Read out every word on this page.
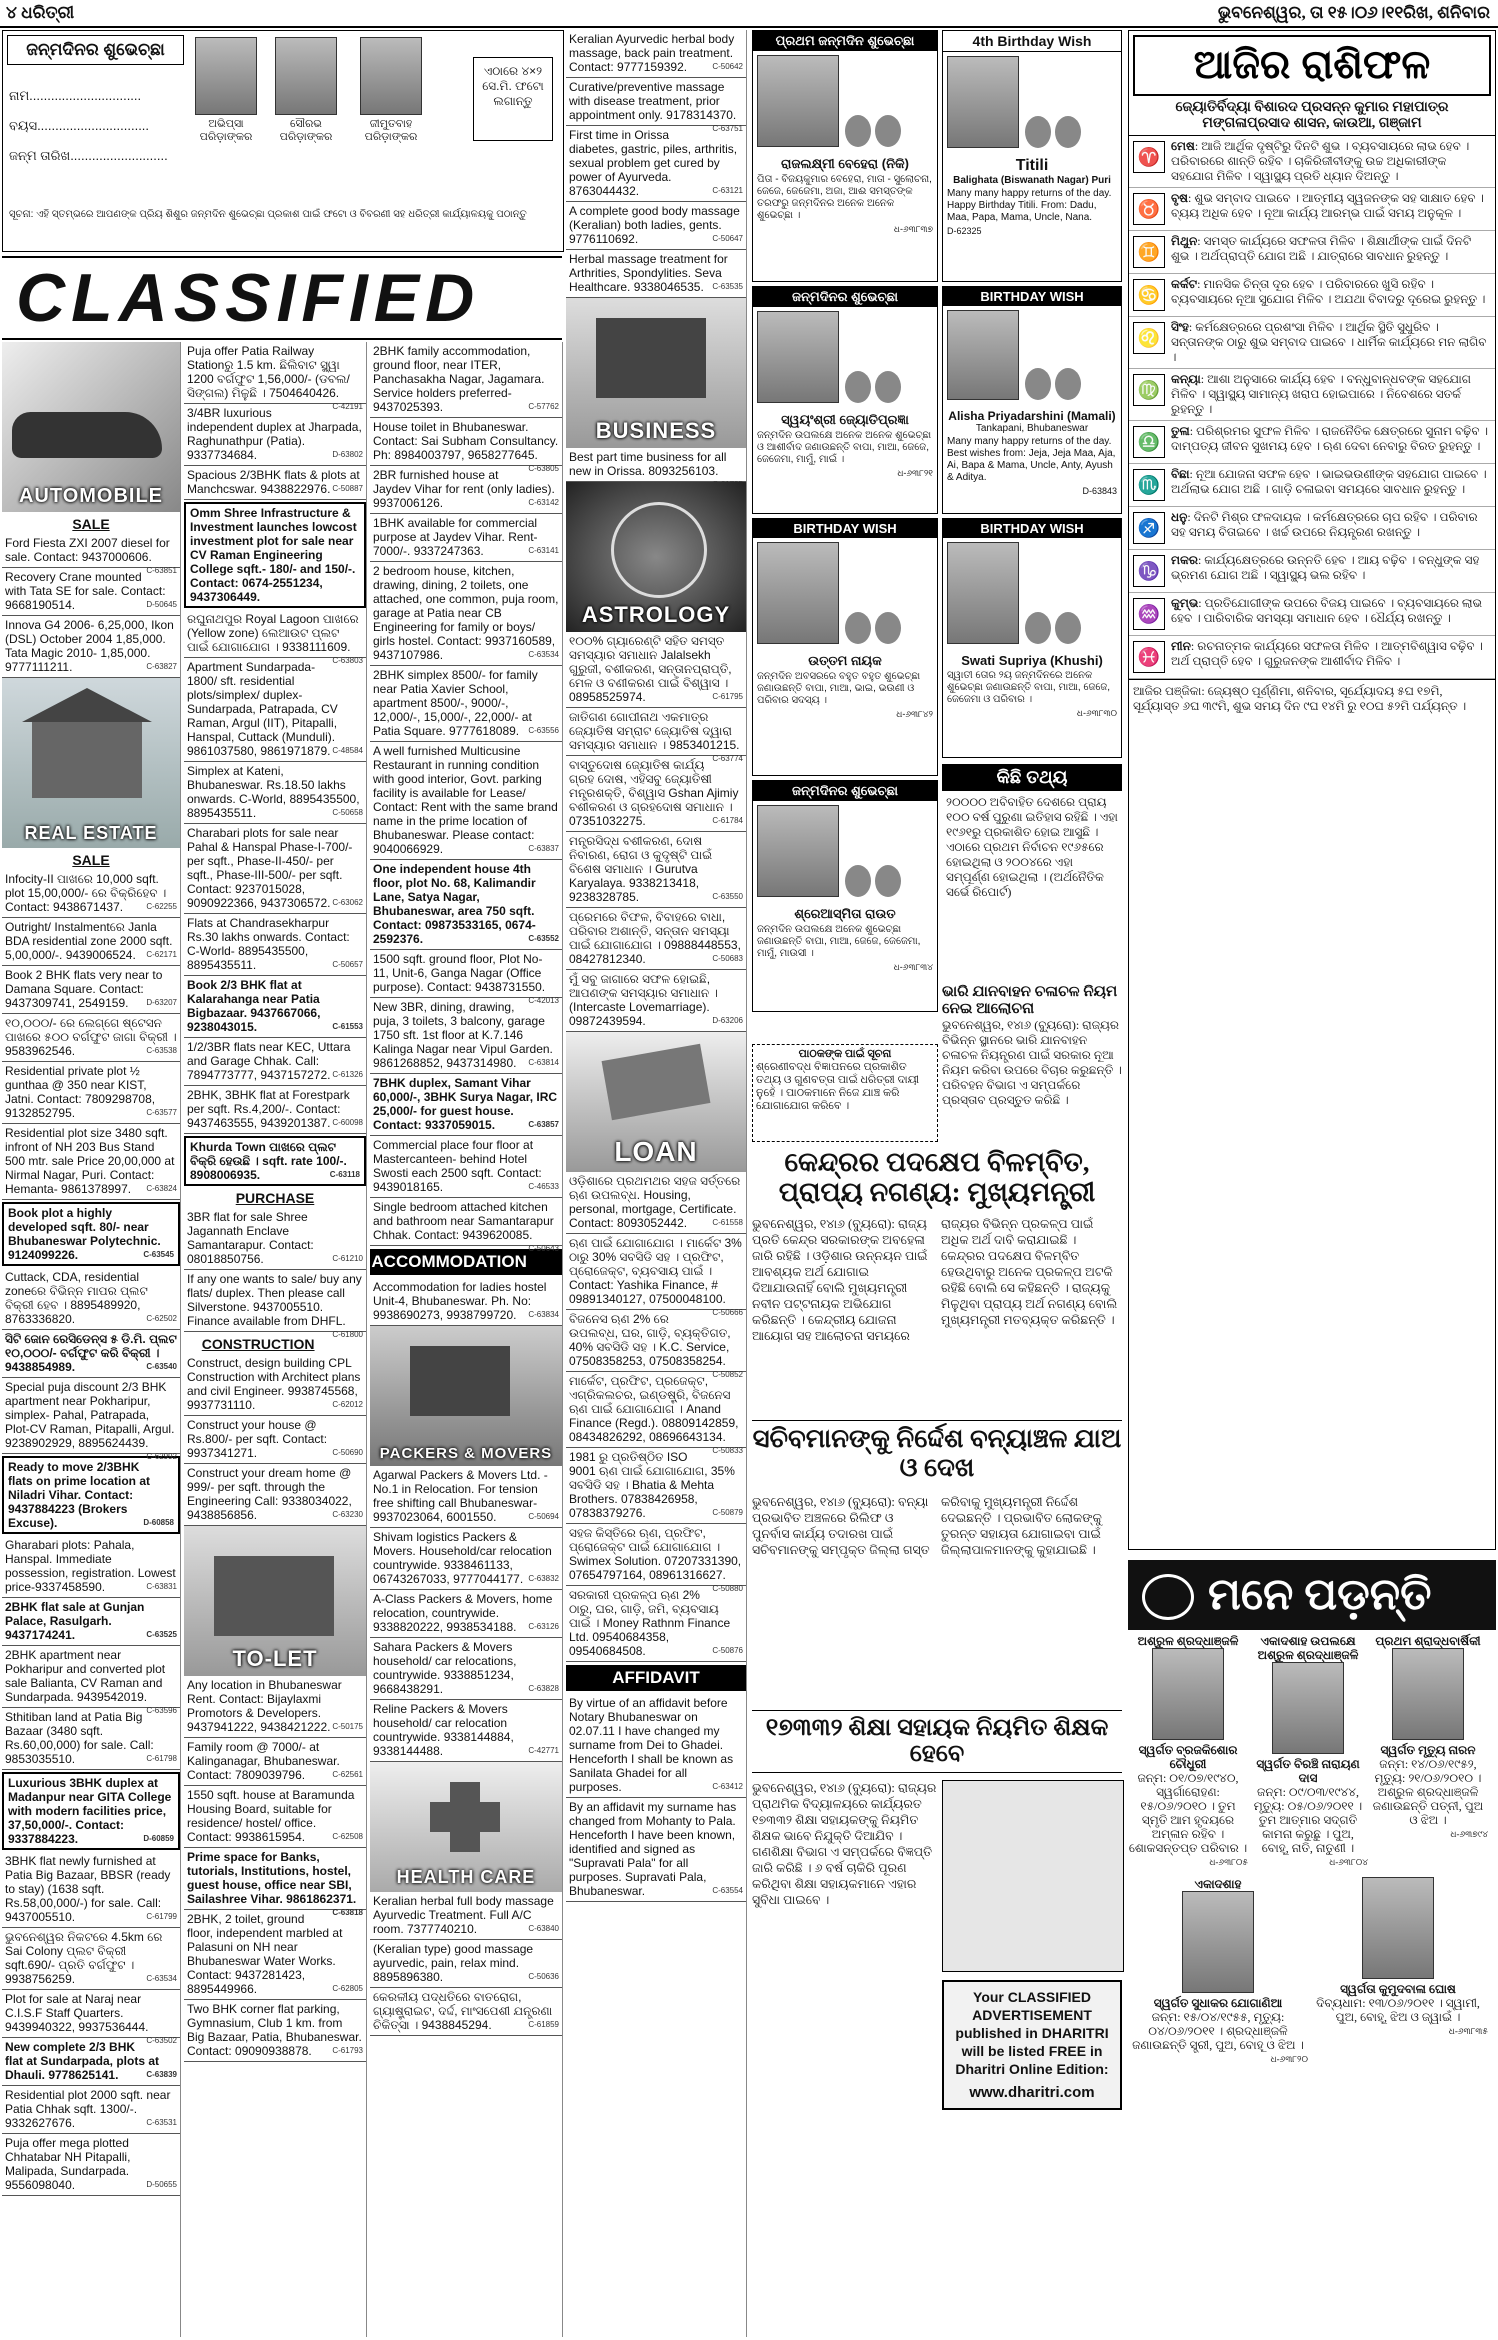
୪ ଧରିତ୍ରୀ	ଭୁବନେଶ୍ୱର, ତା ୧୫।୦୬।୧୧ରିଖ, ଶନିବାର
ଜନ୍ମଦିନର ଶୁଭେଚ୍ଛା
ନାମ...............................
ବୟସ...............................
ଜନ୍ମ ତାରିଖ...........................
ଅଭିପ୍ସା ପରିଡ଼ାଙ୍କର
ସୌରଭ ପରିଡ଼ାଙ୍କର
ଜୀମୁତବାହ ପରିଡ଼ାଙ୍କର
ଏଠାରେ ୪×୨ ସେ.ମି. ଫଟୋ ଲଗାନ୍ତୁ
ସୂଚନା: ଏହି ସ୍ତମ୍ଭରେ ଆପଣଙ୍କ ପ୍ରିୟ ଶିଶୁର ଜନ୍ମଦିନ ଶୁଭେଚ୍ଛା ପ୍ରକାଶ ପାଇଁ ଫଟୋ ଓ ବିବରଣୀ ସହ ଧରିତ୍ରୀ କାର୍ଯ୍ୟାଳୟକୁ ପଠାନ୍ତୁ
CLASSIFIED
AUTOMOBILE
SALE
Ford Fiesta ZXI 2007 diesel for sale. Contact: 9437000606.
C-63851
Recovery Crane mounted with Tata SE for sale. Contact: 9668190514.	D-50645
Innova G4 2006- 6,25,000, Ikon (DSL) October 2004 1,85,000. Tata Magic 2010- 1,85,000. 9777111211.	C-63827
REAL ESTATE
SALE
Infocity-II ପାଖରେ 10,000 sqft. plot 15,00,000/- ରେ ବିକ୍ରିହେବ । Contact: 9438671437.	C-62255
Outright/ Instalmentରେ Janla BDA residential zone 2000 sqft. 5,00,000/-. 9439006524. C-62171
Book 2 BHK flats very near to Damana Square. Contact: 9437309741, 2549159. D-63207
୧୦,୦୦୦/- ରେ ଲେଗ୍ଗେ ଷ୍ଟେସନ ପାଖରେ ୫୦୦ ବର୍ଗଫୁଟ ଜାଗା ବିକ୍ରୀ । 9583962546.	C-63538
Residential private plot ½ gunthaa @ 350 near KIST, Jatni. Contact: 7809298708, 9132852795.	C-63577
Residential plot size 3480 sqft. infront of NH 203 Bus Stand 500 mtr. sale Price 20,00,000 at Nirmal Nagar, Puri. Contact: Hemanta- 9861378997. C-63824
Book plot a highly developed sqft. 80/- near Bhubaneswar Polytechnic. 9124099226.	C-63545
Cuttack, CDA, residential zoneରେ ବିଭିନ୍ନ ମାପର ପ୍ଲଟ ବିକ୍ରୀ ହେବ । 8895489920, 8763336820.	C-62502
ସିଟି ଜୋନ ରେସିଡେନ୍ସ ୫ ଡି.ମି. ପ୍ଲଟ ୧୦,୦୦୦/- ବର୍ଗଫୁଟ କରି ବିକ୍ରୀ । 9438854989.	C-63540
Special puja discount 2/3 BHK apartment near Pokharipur, simplex- Pahal, Patrapada, Plot-CV Raman, Pitapalli, Argul. 9238902929, 8895624439.
C-62992
Ready to move 2/3BHK flats on prime location at Niladri Vihar. Contact: 9437884223 (Brokers Excuse).	D-60858
Gharabari plots: Pahala, Hanspal. Immediate possession, registration. Lowest price-9337458590.	C-63831
2BHK flat sale at Gunjan Palace, Rasulgarh. 9437174241.	C-63525
2BHK apartment near Pokharipur and converted plot sale Balianta, CV Raman and Sundarpada. 9439542019.
C-63596
Sthitiban land at Patia Big Bazaar (3480 sqft. Rs.60,00,000) for sale. Call: 9853035510.	C-61798
Luxurious 3BHK duplex at Madanpur near GITA College with modern facilities price, 37,50,000/-. Contact: 9337884223.	D-60859
3BHK flat newly furnished at Patia Big Bazaar, BBSR (ready to stay) (1638 sqft. Rs.58,00,000/-) for sale. Call: 9437005510.	C-61799
ଭୁବନେଶ୍ୱର ନିକଟରେ 4.5km ରେ Sai Colony ପ୍ଲଟ ବିକ୍ରୀ sqft.690/- ପ୍ରତି ବର୍ଗଫୁଟ । 9938756259.	C-63534
Plot for sale at Naraj near C.I.S.F Staff Quarters. 9439940322, 9937536444.
C-63502
New complete 2/3 BHK flat at Sundarpada, plots at Dhauli. 9778625141.	C-63839
Residential plot 2000 sqft. near Patia Chhak sqft. 1300/-. 9332627676.	C-63531
Puja offer mega plotted Chhatabar NH Pitapalli, Malipada, Sundarpada. 9556098040.	D-50655
Puja offer Patia Railway Stationରୁ 1.5 km. ଛିଲିବାଟ ସ୍କ୍ୱା 1200 ବର୍ଗଫୁଟ 1,56,000/- (ଡବଲ/ସିଙ୍ଗଲ) ମିଳୁଛି । 7504640426.
C-42191
3/4BR luxurious independent duplex at Jharpada, Raghunathpur (Patia). 9337734684.	D-63802
Spacious 2/3BHK flats & plots at Manchcswar. 9438822976. C-50887
Omm Shree Infrastructure & Investment launches lowcost investment plot for sale near CV Raman Engineering College sqft.- 180/- and 150/-. Contact: 0674-2551234, 9437306449.
ରଘୁନାଥପୁର Royal Lagoon ପାଖରେ (Yellow zone) ଲେଆଉଟ ପ୍ଲଟ ପାଇଁ ଯୋଗାଯୋଗ । 9338111609.
C-63803
Apartment Sundarpada-1800/ sft. residential plots/simplex/ duplex- Sundarpada, Patrapada, CV Raman, Argul (IIT), Pitapalli, Hanspal, Cuttack (Munduli). 9861037580, 9861971879. C-48584
Simplex at Kateni, Bhubaneswar. Rs.18.50 lakhs onwards. C-World, 8895435500, 8895435511.	C-50658
Charabari plots for sale near Pahal & Hanspal Phase-I-700/- per sqft., Phase-II-450/- per sqft., Phase-III-500/- per sqft. Contact: 9237015028, 9090922366, 9437306572. C-63062
Flats at Chandrasekharpur Rs.30 lakhs onwards. Contact: C-World- 8895435500, 8895435511.	C-50657
Book 2/3 BHK flat at Kalarahanga near Patia Bigbazaar. 9437667066, 9238043015.	C-61553
1/2/3BR flats near KEC, Uttara and Garage Chhak. Call: 7894773777, 9437157272. C-61326
2BHK, 3BHK flat at Forestpark per sqft. Rs.4,200/-. Contact: 9437463555, 9439201387. C-60098
Khurda Town ପାଖରେ ପ୍ଲଟ ବିକ୍ରି ହେଉଛି । sqft. rate 100/-. 8908006935.	C-63118
PURCHASE
3BR flat for sale Shree Jagannath Enclave Samantarapur. Contact: 08018850756.	C-61210
If any one wants to sale/ buy any flats/ duplex. Then please call Silverstone. 9437005510. Finance available from DHFL.
C-61800
CONSTRUCTION
Construct, design building CPL Construction with Architect plans and civil Engineer. 9938745568, 9937731110.	C-62012
Construct your house @ Rs.800/- per sqft. Contact: 9937341271.	C-50690
Construct your dream home @ 999/- per sqft. through the Engineering Call: 9338034022, 9438856856.	C-63230
TO-LET
Any location in Bhubaneswar Rent. Contact: Bijaylaxmi Promotors & Developers. 9437941222, 9438421222. C-50175
Family room @ 7000/- at Kalinganagar, Bhubaneswar. Contact: 7809039796.	C-62561
1550 sqft. house at Baramunda Housing Board, suitable for residence/ hostel/ office. Contact: 9938615954.	C-62508
Prime space for Banks, tutorials, Institutions, hostel, guest house, office near SBI, Sailashree Vihar. 9861862371.
C-63818
2BHK, 2 toilet, ground floor, independent marbled at Palasuni on NH near Bhubaneswar Water Works. Contact: 9437281423, 8895449966.	C-62805
Two BHK corner flat parking, Gymnasium, Club 1 km. from Big Bazaar, Patia, Bhubaneswar. Contact: 09090938878.	C-61793
2BHK family accommodation, ground floor, near ITER, Panchasakha Nagar, Jagamara. Service holders preferred-9437025393.	C-57762
House toilet in Bhubaneswar. Contact: Sai Subham Consultancy. Ph: 8984003797, 9658277645.
C-63805
2BR furnished house at Jaydev Vihar for rent (only ladies). 9937006126.	C-63142
1BHK available for commercial purpose at Jaydev Vihar. Rent- 7000/-. 9337247363.	C-63141
2 bedroom house, kitchen, drawing, dining, 2 toilets, one attached, one common, puja room, garage at Patia near CB Engineering for family or boys/ girls hostel. Contact: 9937160589, 9437107986.	C-63534
2BHK simplex 8500/- for family near Patia Xavier School, apartment 8500/-, 9000/-, 12,000/-, 15,000/-, 22,000/- at Patia Square. 9777618089. C-63556
A well furnished Multicusine Restaurant in running condition with good interior, Govt. parking facility is available for Lease/ Contact: Rent with the same brand name in the prime location of Bhubaneswar. Please contact: 9040066929.	C-63837
One independent house 4th floor, plot No. 68, Kalimandir Lane, Satya Nagar, Bhubaneswar, area 750 sqft. Contact: 09873533165, 0674-2592376.	C-63552
1500 sqft. ground floor, Plot No- 11, Unit-6, Ganga Nagar (Office purpose). Contact: 9438731550.
C-42013
New 3BR, dining, drawing, puja, 3 toilets, 3 balcony, garage 1750 sft. 1st floor at K.7.146 Kalinga Nagar near Vipul Garden. 9861268852, 9437314980. C-63814
7BHK duplex, Samant Vihar 60,000/-, 3BHK Surya Nagar, IRC 25,000/- for guest house. Contact: 9337059015.	C-63857
Commercial place four floor at Mastercanteen- behind Hotel Swosti each 2500 sqft. Contact: 9439018165.	C-46533
Single bedroom attached kitchen and bathroom near Samantarapur Chhak. Contact: 9439620085.
C-50643
ACCOMMODATION
Accommodation for ladies hostel Unit-4, Bhubaneswar. Ph. No: 9938690273, 9938799720. C-63834
PACKERS & MOVERS
Agarwal Packers & Movers Ltd. - No.1 in Relocation. For tension free shifting call Bhubaneswar- 9937023064, 6001550.	C-50694
Shivam logistics Packers & Movers. Household/car relocation countrywide. 9338461133, 06743267033, 9777044177. C-63832
A-Class Packers & Movers, home relocation, countrywide. 9338820222, 9938534188. C-63126
Sahara Packers & Movers household/ car relocations, countrywide. 9338851234, 9668438291.	C-63828
Reline Packers & Movers household/ car relocation countrywide. 9338144884, 9338144488.	C-42771
HEALTH CARE
Keralian herbal full body massage Ayurvedic Treatment. Full A/C room. 7377740210.	C-63840
(Keralian type) good massage ayurvedic, pain, relax mind. 8895896380.	C-50636
କେରଳୀୟ ପଦ୍ଧତିରେ ବାତରୋଗ, ଗ୍ୟାଷ୍ଟ୍ରାଇଟ, ଦର୍ଦ୍ଦ, ମାଂସପେଶୀ ଯନ୍ତ୍ରଣା ଚିକିତ୍ସା । 9438845294.	C-61859
Keralian Ayurvedic herbal body massage, back pain treatment. Contact: 9777159392.	C-50642
Curative/preventive massage with disease treatment, prior appointment only. 9178314370.
C-63751
First time in Orissa diabetes, gastric, piles, arthritis, sexual problem get cured by power of Ayurveda. 8763044432.	C-63121
A complete good body massage (Keralian) both ladies, gents. 9776110692.	C-50647
Herbal massage treatment for Arthrities, Spondylities. Seva Healthcare. 9338046535. C-63535
BUSINESS
Best part time business for all new in Orissa. 8093256103.
ASTROLOGY
୧୦୦% ଗ୍ୟାରେଣ୍ଟି ସହିତ ସମସ୍ତ ସମସ୍ୟାର ସମାଧାନ Jalalsekh ଗୁରୁଜୀ, ବଶୀକରଣ, ସନ୍ତାନପ୍ରାପ୍ତି, ମେଳ ଓ ବଣୀକରଣ ପାଇଁ ବିଶ୍ୱାସ । 08958525974.	C-61795
ଜାତିଗଣ ଗୋପୀନାଥ ଏକମାତ୍ର ଜ୍ୟୋତିଷ ସମ୍ରାଟ ଜ୍ୟୋତିଷ ଦ୍ୱାରା ସମସ୍ୟାର ସମାଧାନ । 9853401215.
C-63774
ବାସ୍ତୁଦୋଷ ଜ୍ୟୋତିଷ କାର୍ଯ୍ୟ ଗ୍ରହ ଦୋଷ, ଏହିସବୁ ଜ୍ୟୋତିଷୀ ମନ୍ତ୍ରଶକ୍ତି, ବିଶ୍ୱାସ Gshan Ajimiy ବଶୀକରଣ ଓ ଗ୍ରହଦୋଷ ସମାଧାନ । 07351032275.	C-61784
ମନ୍ତ୍ରସିଦ୍ଧ ବଶୀକରଣ, ଦୋଷ ନିବାରଣ, ରୋଗ ଓ କୁଦୃଷ୍ଟି ପାଇଁ ବିଶେଷ ସମାଧାନ । Gurutva Karyalaya. 9338213418, 9238328785.	C-63550
ପ୍ରେମରେ ବିଫଳ, ବିବାହରେ ବାଧା, ପରିବାର ଅଶାନ୍ତି, ସନ୍ତାନ ସମସ୍ୟା ପାଇଁ ଯୋଗାଯୋଗ । 09888448553, 08427812340.	C-50683
ମୁଁ ସବୁ ଜାଗାରେ ସଫଳ ହୋଇଛି, ଆପଣଙ୍କ ସମସ୍ୟାର ସମାଧାନ । (Intercaste Lovemarriage). 09872439594.	D-63206
LOAN
ଓଡ଼ିଶାରେ ପ୍ରଥମଥର ସହଜ ସର୍ତ୍ତରେ ଋଣ ଉପଲବ୍ଧ. Housing, personal, mortgage, Certificate. Contact: 8093052442.	C-61558
ଋଣ ପାଇଁ ଯୋଗାଯୋଗ । ମାର୍କେଟ 3% ଠାରୁ 30% ସବସିଡି ସହ । ପ୍ରଫିଟ, ପ୍ରୋଜେକ୍ଟ, ବ୍ୟବସାୟ ପାଇଁ । Contact: Yashika Finance, # 09891340127, 07500048100.
C-50666
ବିଜନେସ ଋଣ 2% ରେ ଉପଲବ୍ଧ, ଘର, ଗାଡ଼ି, ବ୍ୟକ୍ତିଗତ, 40% ସବସିଡି ସହ । K.C. Service, 07508358253, 07508358254.
C-50852
ମାର୍କେଟ, ପ୍ରଫିଟ, ପ୍ରଜେକ୍ଟ, ଏଗ୍ରିକଲଚର, ଇଣ୍ଡଷ୍ଟ୍ରି, ବିଜନେସ ଋଣ ପାଇଁ ଯୋଗାଯୋଗ । Anand Finance (Regd.). 08809142859, 08434826292, 08696643134.
C-50833
1981 ରୁ ପ୍ରତିଷ୍ଠିତ ISO 9001 ଋଣ ପାଇଁ ଯୋଗାଯୋଗ, 35% ସବସିଡି ସହ । Bhatia & Mehta Brothers. 07838426958, 07838379276.	C-50879
ସହଜ କିସ୍ତିରେ ଋଣ, ପ୍ରଫିଟ, ପ୍ରୋଜେକ୍ଟ ପାଇଁ ଯୋଗାଯୋଗ । Swimex Solution. 07207331390, 07654797164, 08961316627.
C-50880
ସରକାରୀ ପ୍ରକଳ୍ପ ଋଣ 2% ଠାରୁ, ଘର, ଗାଡ଼ି, ଜମି, ବ୍ୟବସାୟ ପାଇଁ । Money Rathnm Finance Ltd. 09540684358, 09540684508.	C-50876
AFFIDAVIT
By virtue of an affidavit before Notary Bhubaneswar on 02.07.11 I have changed my surname from Dei to Ghadei. Henceforth I shall be known as Sanilata Ghadei for all purposes.	C-63412
By an affidavit my surname has changed from Mohanty to Pala. Henceforth I have been known, identified and signed as "Supravati Pala" for all purposes. Supravati Pala, Bhubaneswar.	C-63554
ପ୍ରଥମ ଜନ୍ମଦିନ ଶୁଭେଚ୍ଛା

ରାଜଲକ୍ଷ୍ମୀ ବେହେରା (ନିକି)
ପିତା - ବିଜୟକୁମାର ବେହେରା, ମାତା - ସୁଲୋଚନା, ଜେଜେ, ଜେଜେମା, ଅଜା, ଆଈ ସମସ୍ତଙ୍କ ତରଫରୁ ଜନ୍ମଦିନର ଅନେକ ଅନେକ ଶୁଭେଚ୍ଛା ।
ଧ-୬୩୮୩୭
ଜନ୍ମଦିନର ଶୁଭେଚ୍ଛା

ସ୍ୱୟଂଶ୍ରୀ ଜ୍ୟୋତିପ୍ରଜ୍ଞା
ଜନ୍ମଦିନ ଉପଲକ୍ଷେ ଅନେକ ଅନେକ ଶୁଭେଚ୍ଛା ଓ ଆଶୀର୍ବାଦ ଜଣାଉଛନ୍ତି ବାପା, ମାଆ, ଜେଜେ, ଜେଜେମା, ମାମୁଁ, ମାଇଁ ।
ଧ-୬୩୮୨୧
BIRTHDAY WISH

ଉତ୍ତମ ନାୟକ
ଜନ୍ମଦିନ ଅବସରରେ ବହୁତ ବହୁତ ଶୁଭେଚ୍ଛା ଜଣାଉଛନ୍ତି ବାପା, ମାଆ, ଭାଇ, ଭଉଣୀ ଓ ପରିବାର ସଦସ୍ୟ ।
ଧ-୬୩୮୪୨
ଜନ୍ମଦିନର ଶୁଭେଚ୍ଛା

ଶ୍ରେଆସ୍ମିତା ରାଉତ
ଜନ୍ମଦିନ ଉପଲକ୍ଷେ ଅନେକ ଶୁଭେଚ୍ଛା ଜଣାଉଛନ୍ତି ବାପା, ମାଆ, ଜେଜେ, ଜେଜେମା, ମାମୁଁ, ମାଉସୀ ।
ଧ-୬୩୮୩୪
4th Birthday Wish

Titili
Balighata (Biswanath Nagar) Puri
Many many happy returns of the day. Happy Birthday Titili. From: Dadu, Maa, Papa, Mama, Uncle, Nana.
D-62325
BIRTHDAY WISH

Alisha Priyadarshini (Mamali)
Tankapani, Bhubaneswar
Many many happy returns of the day. Best wishes from: Jeja, Jeja Maa, Aja, Ai, Bapa & Mama, Uncle, Anty, Ayush & Aditya.
D-63843
BIRTHDAY WISH

Swati Supriya (Khushi)
ସ୍ୱାତୀ ତୋର ୨ୟ ଜନ୍ମଦିନରେ ଅନେକ ଶୁଭେଚ୍ଛା ଜଣାଉଛନ୍ତି ବାପା, ମାଆ, ଜେଜେ, ଜେଜେମା ଓ ପରିବାର ।
ଧ-୬୩୮୩୦
କିଛି ତଥ୍ୟ
୨୦୦୦୦ ଅବିବାହିତ ଦେଶରେ ପ୍ରାୟ ୧୦୦ ବର୍ଷ ପୁରୁଣା ଇତିହାସ ରହିଛି । ଏହା ୧୯୬୧ରୁ ପ୍ରକାଶିତ ହୋଇ ଆସୁଛି । ଏଠାରେ ପ୍ରଥମ ନିର୍ବାଚନ ୧୯୬୫ରେ ହୋଇଥିଲା ଓ ୨୦୦୪ରେ ଏହା ସମ୍ପୂର୍ଣ୍ଣ ହୋଇଥିଲା । (ଅର୍ଥନୈତିକ ସର୍ଭେ ରିପୋର୍ଟ)
ପାଠକଙ୍କ ପାଇଁ ସୂଚନା
ଶ୍ରେଣୀବଦ୍ଧ ବିଜ୍ଞାପନରେ ପ୍ରକାଶିତ ତଥ୍ୟ ଓ ଗୁଣବତ୍ତା ପାଇଁ ଧରିତ୍ରୀ ଦାୟୀ ନୁହେଁ । ପାଠକମାନେ ନିଜେ ଯାଞ୍ଚ କରି ଯୋଗାଯୋଗ କରିବେ ।
ଭାରି ଯାନବାହନ ଚଳାଚଳ ନିୟମ ନେଇ ଆଲୋଚନା
ଭୁବନେଶ୍ୱର, ୧୪ା୬ (ବ୍ୟୁରୋ): ରାଜ୍ୟର ବିଭିନ୍ନ ସ୍ଥାନରେ ଭାରି ଯାନବାହନ ଚଳାଚଳ ନିୟନ୍ତ୍ରଣ ପାଇଁ ସରକାର ନୂଆ ନିୟମ କରିବା ଉପରେ ବିଚାର କରୁଛନ୍ତି । ପରିବହନ ବିଭାଗ ଏ ସମ୍ପର୍କରେ ପ୍ରସ୍ତାବ ପ୍ରସ୍ତୁତ କରିଛି ।
କେନ୍ଦ୍ରର ପଦକ୍ଷେପ ବିଳମ୍ବିତ, ପ୍ରାପ୍ୟ ନଗଣ୍ୟ: ମୁଖ୍ୟମନ୍ତ୍ରୀ
ଭୁବନେଶ୍ୱର, ୧୪ା୬ (ବ୍ୟୁରୋ): ରାଜ୍ୟ ପ୍ରତି କେନ୍ଦ୍ର ସରକାରଙ୍କ ଅବହେଳା ଜାରି ରହିଛି । ଓଡ଼ିଶାର ଉନ୍ନୟନ ପାଇଁ ଆବଶ୍ୟକ ଅର୍ଥ ଯୋଗାଇ ଦିଆଯାଉନାହିଁ ବୋଲି ମୁଖ୍ୟମନ୍ତ୍ରୀ ନବୀନ ପଟ୍ଟନାୟକ ଅଭିଯୋଗ କରିଛନ୍ତି । କେନ୍ଦ୍ରୀୟ ଯୋଜନା ଆୟୋଗ ସହ ଆଲୋଚନା ସମୟରେ ରାଜ୍ୟର ବିଭିନ୍ନ ପ୍ରକଳ୍ପ ପାଇଁ ଅଧିକ ଅର୍ଥ ଦାବି କରାଯାଇଛି । କେନ୍ଦ୍ରର ପଦକ୍ଷେପ ବିଳମ୍ବିତ ହେଉଥିବାରୁ ଅନେକ ପ୍ରକଳ୍ପ ଅଟକି ରହିଛି ବୋଲି ସେ କହିଛନ୍ତି । ରାଜ୍ୟକୁ ମିଳୁଥିବା ପ୍ରାପ୍ୟ ଅର୍ଥ ନଗଣ୍ୟ ବୋଲି ମୁଖ୍ୟମନ୍ତ୍ରୀ ମତବ୍ୟକ୍ତ କରିଛନ୍ତି ।
ସଚିବମାନଙ୍କୁ ନିର୍ଦ୍ଦେଶ ବନ୍ୟାଞ୍ଚଳ ଯାଅ ଓ ଦେଖ
ଭୁବନେଶ୍ୱର, ୧୪ା୬ (ବ୍ୟୁରୋ): ବନ୍ୟା ପ୍ରଭାବିତ ଅଞ୍ଚଳରେ ରିଲିଫ ଓ ପୁନର୍ବାସ କାର୍ଯ୍ୟ ତଦାରଖ ପାଇଁ ସଚିବମାନଙ୍କୁ ସମ୍ପୃକ୍ତ ଜିଲ୍ଲା ଗସ୍ତ କରିବାକୁ ମୁଖ୍ୟମନ୍ତ୍ରୀ ନିର୍ଦ୍ଦେଶ ଦେଇଛନ୍ତି । ପ୍ରଭାବିତ ଲୋକଙ୍କୁ ତୁରନ୍ତ ସହାୟତା ଯୋଗାଇବା ପାଇଁ ଜିଲ୍ଲାପାଳମାନଙ୍କୁ କୁହାଯାଇଛି ।
୧୭୩୩୨ ଶିକ୍ଷା ସହାୟକ ନିୟମିତ ଶିକ୍ଷକ ହେବେ
ଭୁବନେଶ୍ୱର, ୧୪ା୬ (ବ୍ୟୁରୋ): ରାଜ୍ୟର ପ୍ରାଥମିକ ବିଦ୍ୟାଳୟରେ କାର୍ଯ୍ୟରତ ୧୭୩୩୨ ଶିକ୍ଷା ସହାୟକଙ୍କୁ ନିୟମିତ ଶିକ୍ଷକ ଭାବେ ନିଯୁକ୍ତି ଦିଆଯିବ । ଗଣଶିକ୍ଷା ବିଭାଗ ଏ ସମ୍ପର୍କରେ ବିଜ୍ଞପ୍ତି ଜାରି କରିଛି । ୬ ବର୍ଷ ଚାକିରି ପୂରଣ କରିଥିବା ଶିକ୍ଷା ସହାୟକମାନେ ଏହାର ସୁବିଧା ପାଇବେ ।
Your CLASSIFIED ADVERTISEMENT published in DHARITRI will be listed FREE in Dharitri Online Edition:
www.dharitri.com
ଆଜିର ରାଶିଫଳ
ଜ୍ୟୋତିର୍ବିଦ୍ୟା ବିଶାରଦ ପ୍ରସନ୍ନ କୁମାର ମହାପାତ୍ର
ମଙ୍ଗଳାପ୍ରସାଦ ଶାସନ, କାଉଆ, ଗଞ୍ଜାମ
♈
ମେଷ: ଆଜି ଆର୍ଥିକ ଦୃଷ୍ଟିରୁ ଦିନଟି ଶୁଭ । ବ୍ୟବସାୟରେ ଲାଭ ହେବ । ପରିବାରରେ ଶାନ୍ତି ରହିବ । ଚାକିରିଜୀବୀଙ୍କୁ ଉଚ୍ଚ ଅଧିକାରୀଙ୍କ ସହଯୋଗ ମିଳିବ । ସ୍ୱାସ୍ଥ୍ୟ ପ୍ରତି ଧ୍ୟାନ ଦିଅନ୍ତୁ ।
♉
ବୃଷ: ଶୁଭ ସମ୍ବାଦ ପାଇବେ । ଆତ୍ମୀୟ ସ୍ୱଜନଙ୍କ ସହ ସାକ୍ଷାତ ହେବ । ବ୍ୟୟ ଅଧିକ ହେବ । ନୂଆ କାର୍ଯ୍ୟ ଆରମ୍ଭ ପାଇଁ ସମୟ ଅନୁକୂଳ ।
♊
ମିଥୁନ: ସମସ୍ତ କାର୍ଯ୍ୟରେ ସଫଳତା ମିଳିବ । ଶିକ୍ଷାର୍ଥୀଙ୍କ ପାଇଁ ଦିନଟି ଶୁଭ । ଅର୍ଥପ୍ରାପ୍ତି ଯୋଗ ଅଛି । ଯାତ୍ରାରେ ସାବଧାନ ରୁହନ୍ତୁ ।
♋
କର୍କଟ: ମାନସିକ ଚିନ୍ତା ଦୂର ହେବ । ପରିବାରରେ ଖୁସି ରହିବ । ବ୍ୟବସାୟରେ ନୂଆ ସୁଯୋଗ ମିଳିବ । ଅଯଥା ବିବାଦରୁ ଦୂରେଇ ରୁହନ୍ତୁ ।
♌
ସିଂହ: କର୍ମକ୍ଷେତ୍ରରେ ପ୍ରଶଂସା ମିଳିବ । ଆର୍ଥିକ ସ୍ଥିତି ସୁଧୁରିବ । ସନ୍ତାନଙ୍କ ଠାରୁ ଶୁଭ ସମ୍ବାଦ ପାଇବେ । ଧାର୍ମିକ କାର୍ଯ୍ୟରେ ମନ ଲାଗିବ ।
♍
କନ୍ୟା: ଆଶା ଅନୁସାରେ କାର୍ଯ୍ୟ ହେବ । ବନ୍ଧୁବାନ୍ଧବଙ୍କ ସହଯୋଗ ମିଳିବ । ସ୍ୱାସ୍ଥ୍ୟ ସାମାନ୍ୟ ଖରାପ ହୋଇପାରେ । ନିବେଶରେ ସତର୍କ ରୁହନ୍ତୁ ।
♎
ତୁଳା: ପରିଶ୍ରମର ସୁଫଳ ମିଳିବ । ରାଜନୈତିକ କ୍ଷେତ୍ରରେ ସୁନାମ ବଢ଼ିବ । ଦାମ୍ପତ୍ୟ ଜୀବନ ସୁଖମୟ ହେବ । ଋଣ ଦେବା ନେବାରୁ ବିରତ ରୁହନ୍ତୁ ।
♏
ବିଛା: ନୂଆ ଯୋଜନା ସଫଳ ହେବ । ଭାଇଭଉଣୀଙ୍କ ସହଯୋଗ ପାଇବେ । ଅର୍ଥଲାଭ ଯୋଗ ଅଛି । ଗାଡ଼ି ଚଳାଇବା ସମୟରେ ସାବଧାନ ରୁହନ୍ତୁ ।
♐
ଧନୁ: ଦିନଟି ମିଶ୍ର ଫଳଦାୟକ । କର୍ମକ୍ଷେତ୍ରରେ ଚାପ ରହିବ । ପରିବାର ସହ ସମୟ ବିତାଇବେ । ଖର୍ଚ୍ଚ ଉପରେ ନିୟନ୍ତ୍ରଣ ରଖନ୍ତୁ ।
♑
ମକର: କାର୍ଯ୍ୟକ୍ଷେତ୍ରରେ ଉନ୍ନତି ହେବ । ଆୟ ବଢ଼ିବ । ବନ୍ଧୁଙ୍କ ସହ ଭ୍ରମଣ ଯୋଗ ଅଛି । ସ୍ୱାସ୍ଥ୍ୟ ଭଲ ରହିବ ।
♒
କୁମ୍ଭ: ପ୍ରତିଯୋଗୀଙ୍କ ଉପରେ ବିଜୟ ପାଇବେ । ବ୍ୟବସାୟରେ ଲାଭ ହେବ । ପାରିବାରିକ ସମସ୍ୟା ସମାଧାନ ହେବ । ଧୈର୍ଯ୍ୟ ରଖନ୍ତୁ ।
♓
ମୀନ: ରଚନାତ୍ମକ କାର୍ଯ୍ୟରେ ସଫଳତା ମିଳିବ । ଆତ୍ମବିଶ୍ୱାସ ବଢ଼ିବ । ଅର୍ଥ ପ୍ରାପ୍ତି ହେବ । ଗୁରୁଜନଙ୍କ ଆଶୀର୍ବାଦ ମିଳିବ ।
ଆଜିର ପଞ୍ଜିକା: ଜ୍ୟେଷ୍ଠ ପୂର୍ଣ୍ଣିମା, ଶନିବାର, ସୂର୍ଯ୍ୟୋଦୟ ୫ଘ ୧୭ମି, ସୂର୍ଯ୍ୟାସ୍ତ ୬ଘ ୩୯ମି, ଶୁଭ ସମୟ ଦିନ ୯ଘ ୧୪ମି ରୁ ୧୦ଘ ୫୨ମି ପର୍ଯ୍ୟନ୍ତ ।
ମନେ ପଡ଼ନ୍ତି
ଅଶ୍ରୁଳ ଶ୍ରଦ୍ଧାଞ୍ଜଳି
ସ୍ୱର୍ଗତ ବ୍ରଜକିଶୋର ଚୌଧୁରୀ
ଜନ୍ମ: ୦୧/୦୭/୧୯୪୦, ସ୍ୱର୍ଗାରୋହଣ: ୧୫/୦୬/୨୦୧୦ । ତୁମ ସ୍ମୃତି ଆମ ହୃଦୟରେ ଅମ୍ଳାନ ରହିବ । ଶୋକସନ୍ତପ୍ତ ପରିବାର ।
ଧ-୬୩୮୦୫
ଏକାଦଶାହ ଉପଲକ୍ଷେ ଅଶ୍ରୁଳ ଶ୍ରଦ୍ଧାଞ୍ଜଳି
ସ୍ୱର୍ଗତ ବିରଞ୍ଚି ନାରାୟଣ ଦାସ
ଜନ୍ମ: ୦୯/୦୩/୧୯୪୪, ମୃତ୍ୟୁ: ୦୫/୦୬/୨୦୧୧ । ତୁମ ଆତ୍ମାର ସଦ୍‌ଗତି କାମନା କରୁଛୁ । ପୁଅ, ବୋହୂ, ନାତି, ନାତୁଣୀ ।
ଧ-୬୩୮୦୪
ପ୍ରଥମ ଶ୍ରାଦ୍ଧବାର୍ଷିକୀ
ସ୍ୱର୍ଗତ ମୃତ୍ୟୁ ନାରନ
ଜନ୍ମ: ୧୪/୦୬/୧୯୫୨, ମୃତ୍ୟୁ: ୨୧/୦୬/୨୦୧୦ । ଅଶ୍ରୁଳ ଶ୍ରଦ୍ଧାଞ୍ଜଳି ଜଣାଉଛନ୍ତି ପତ୍ନୀ, ପୁଅ ଓ ଝିଅ ।
ଧ-୬୩୭୯୪
ଏକାଦଶାହ
ସ୍ୱର୍ଗତ ସୁଧାକର ଯୋଗାଣିଆ
ଜନ୍ମ: ୧୫/୦୪/୧୯୫୫, ମୃତ୍ୟୁ: ୦୪/୦୬/୨୦୧୧ । ଶ୍ରଦ୍ଧାଞ୍ଜଳି ଜଣାଉଛନ୍ତି ସ୍ତ୍ରୀ, ପୁଅ, ବୋହୂ ଓ ଝିଅ ।
ଧ-୬୩୮୨୦
ସ୍ୱର୍ଗତା କୁମୁଦବାଳା ଘୋଷ
ଦିବ୍ୟଧାମ: ୧୩/୦୬/୨୦୧୧ । ସ୍ୱାମୀ, ପୁଅ, ବୋହୂ, ଝିଅ ଓ ଜ୍ୱାଇଁ ।
ଧ-୬୩୮୩୫
